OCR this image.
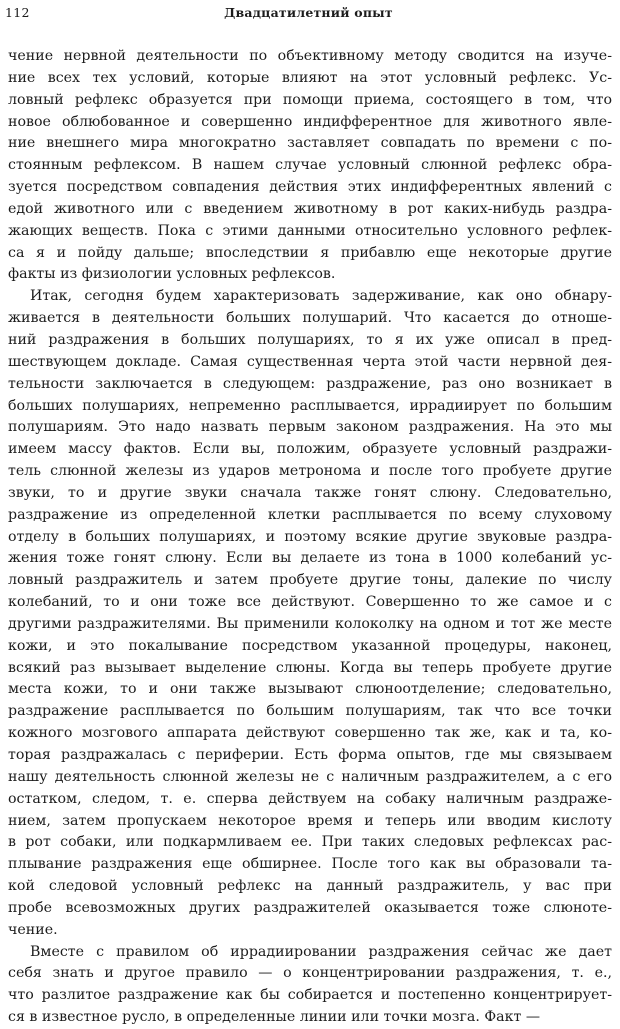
112	Двадцатилетний опыт

чение нервной деятельности по объективному методу сводится на изуче-
ние всех тех условий, которые влияют на этот условный рефлекс. Ус-
ловный рефлекс образуется при помощи приема, состоящего в том, что
новое облюбованное и совершенно индифферентное для животного явле-
ние внешнего мира многократно заставляет совпадать по времени с по-
стоянным рефлексом. В нашем случае условный слюнной рефлекс обра-
зуется посредством совпадения действия этих индифферентных явлений с
едой животного или с введением животному в рот каких-нибудь раздра-
жающих веществ. Пока с этими данными относительно условного рефлек-
са я и пойду дальше; впоследствии я прибавлю еще некоторые другие
факты из физиологии условных рефлексов.

Итак, сегодня будем характеризовать задерживание, как оно обнару-
живается в деятельности больших полушарий. Что касается до отноше-
ний раздражения в больших полушариях, то я их уже описал в пред-
шествующем докладе. Самая существенная черта этой части нервной дея-
тельности заключается в следующем: раздражение, раз оно возникает в
больших полушариях, непременно расплывается, иррадиирует по большим
полушариям. Это надо назвать первым законом раздражения. На это мы
имеем массу фактов. Если вы, положим, образуете условный раздражи-
тель слюнной железы из ударов метронома и после того пробуете другие
звуки, то и другие звуки сначала также гонят слюну. Следовательно,
раздражение из определенной клетки расплывается по всему слуховому
отделу в больших полушариях, и поэтому всякие другие звуковые раздра-
жения тоже гонят слюну. Если вы делаете из тона в 1000 колебаний ус-
ловный раздражитель и затем пробуете другие тоны, далекие по числу
колебаний, то и они тоже все действуют. Совершенно то же самое и с
другими раздражителями. Вы применили колоколку на одном и тот же месте
кожи, и это покалывание посредством указанной процедуры, наконец,
всякий раз вызывает выделение слюны. Когда вы теперь пробуете другие
места кожи, то и они также вызывают слюноотделение; следовательно,
раздражение расплывается по большим полушариям, так что все точки
кожного мозгового аппарата действуют совершенно так же, как и та, ко-
торая раздражалась с периферии. Есть форма опытов, где мы связываем
нашу деятельность слюнной железы не с наличным раздражителем, а с его
остатком, следом, т. е. сперва действуем на собаку наличным раздраже-
нием, затем пропускаем некоторое время и теперь или вводим кислоту
в рот собаки, или подкармливаем ее. При таких следовых рефлексах рас-
плывание раздражения еще обширнее. После того как вы образовали та-
кой следовой условный рефлекс на данный раздражитель, у вас при
пробе всевозможных других раздражителей оказывается тоже слюноте-
чение.

Вместе с правилом об иррадиировании раздражения сейчас же дает
себя знать и другое правило — о концентрировании раздражения, т. е.,
что разлитое раздражение как бы собирается и постепенно концентрирует-
ся в известное русло, в определенные линии или точки мозга. Факт —
